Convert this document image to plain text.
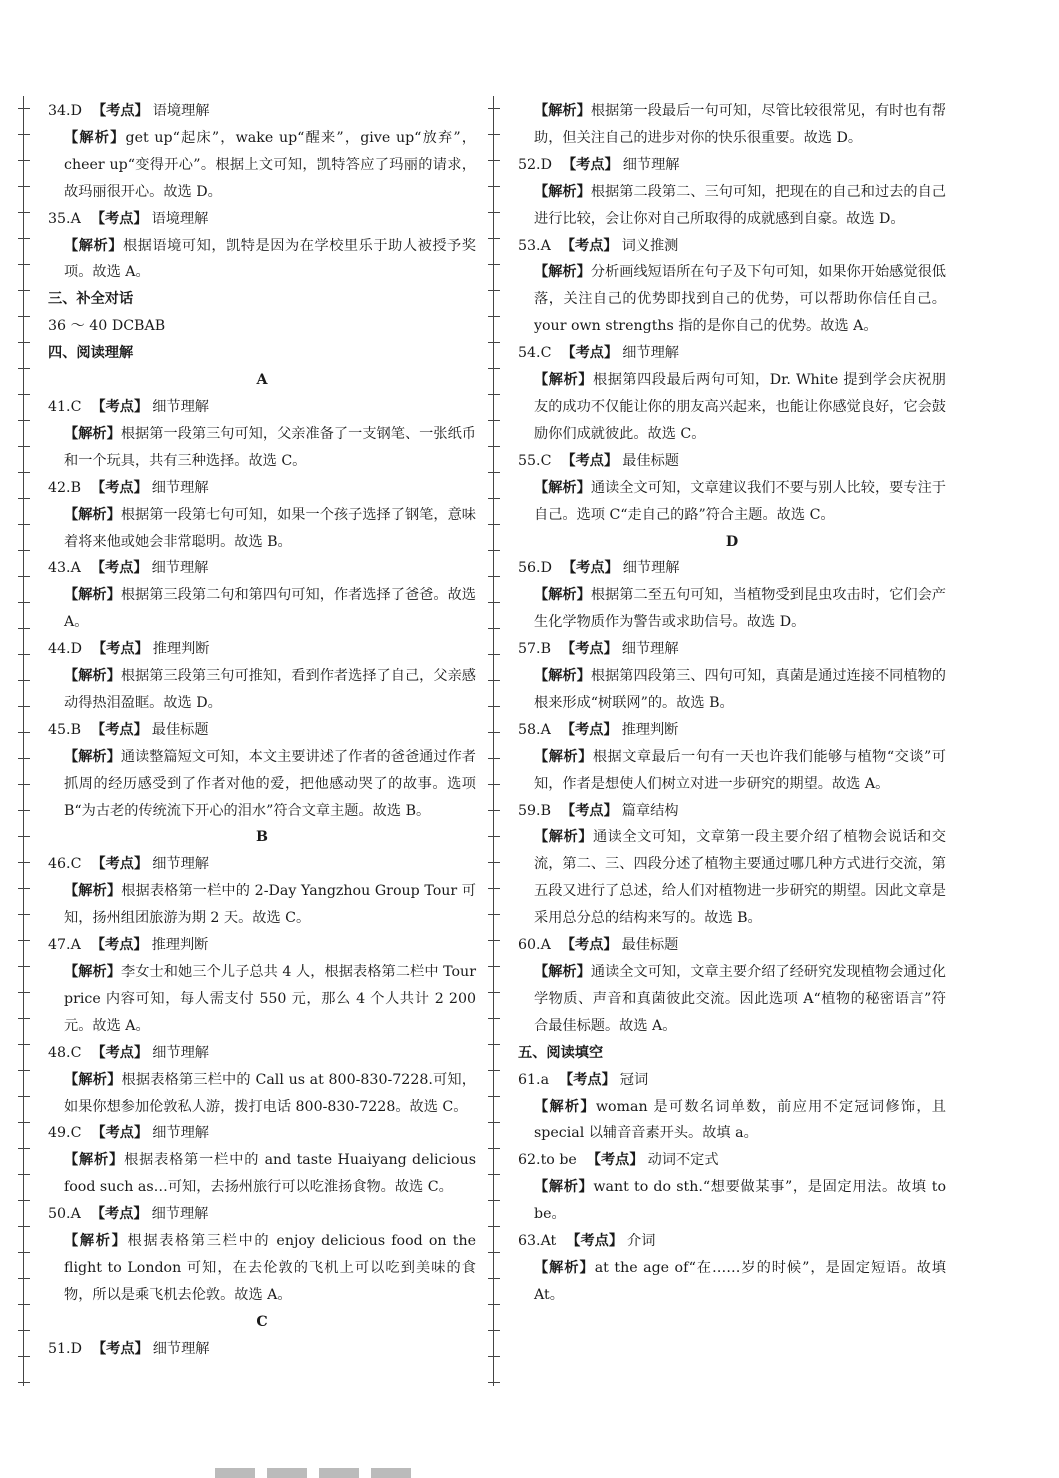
34.D 【考点】 语境理解
【解析】get up“起床”，wake up“醒来”，give up“放弃”，cheer up“变得开心”。根据上文可知，凯特答应了玛丽的请求，故玛丽很开心。故选 D。
35.A 【考点】 语境理解
【解析】根据语境可知，凯特是因为在学校里乐于助人被授予奖项。故选 A。
三、补全对话
36 ～ 40 DCBAB
四、阅读理解
A
41.C 【考点】 细节理解
【解析】根据第一段第三句可知，父亲准备了一支钢笔、一张纸币和一个玩具，共有三种选择。故选 C。
42.B 【考点】 细节理解
【解析】根据第一段第七句可知，如果一个孩子选择了钢笔，意味着将来他或她会非常聪明。故选 B。
43.A 【考点】 细节理解
【解析】根据第三段第二句和第四句可知，作者选择了爸爸。故选 A。
44.D 【考点】 推理判断
【解析】根据第三段第三句可推知，看到作者选择了自己，父亲感动得热泪盈眶。故选 D。
45.B 【考点】 最佳标题
【解析】通读整篇短文可知，本文主要讲述了作者的爸爸通过作者抓周的经历感受到了作者对他的爱，把他感动哭了的故事。选项 B“为古老的传统流下开心的泪水”符合文章主题。故选 B。
B
46.C 【考点】 细节理解
【解析】根据表格第一栏中的 2-Day Yangzhou Group Tour 可知，扬州组团旅游为期 2 天。故选 C。
47.A 【考点】 推理判断
【解析】李女士和她三个儿子总共 4 人，根据表格第二栏中 Tour price 内容可知，每人需支付 550 元，那么 4 个人共计 2 200元。故选 A。
48.C 【考点】 细节理解
【解析】根据表格第三栏中的 Call us at 800-830-7228.可知，如果你想参加伦敦私人游，拨打电话 800-830-7228。故选 C。
49.C 【考点】 细节理解
【解析】根据表格第一栏中的 and taste Huaiyang delicious food such as…可知，去扬州旅行可以吃淮扬食物。故选 C。
50.A 【考点】 细节理解
【解析】根据表格第三栏中的 enjoy delicious food on the flight to London 可知，在去伦敦的飞机上可以吃到美味的食物，所以是乘飞机去伦敦。故选 A。
C
51.D 【考点】 细节理解
【解析】根据第一段最后一句可知，尽管比较很常见，有时也有帮助，但关注自己的进步对你的快乐很重要。故选 D。
52.D 【考点】 细节理解
【解析】根据第二段第二、三句可知，把现在的自己和过去的自己进行比较，会让你对自己所取得的成就感到自豪。故选 D。
53.A 【考点】 词义推测
【解析】分析画线短语所在句子及下句可知，如果你开始感觉很低落，关注自己的优势即找到自己的优势，可以帮助你信任自己。your own strengths 指的是你自己的优势。故选 A。
54.C 【考点】 细节理解
【解析】根据第四段最后两句可知，Dr. White 提到学会庆祝朋友的成功不仅能让你的朋友高兴起来，也能让你感觉良好，它会鼓励你们成就彼此。故选 C。
55.C 【考点】 最佳标题
【解析】通读全文可知，文章建议我们不要与别人比较，要专注于自己。选项 C“走自己的路”符合主题。故选 C。
D
56.D 【考点】 细节理解
【解析】根据第二至五句可知，当植物受到昆虫攻击时，它们会产生化学物质作为警告或求助信号。故选 D。
57.B 【考点】 细节理解
【解析】根据第四段第三、四句可知，真菌是通过连接不同植物的根来形成“树联网”的。故选 B。
58.A 【考点】 推理判断
【解析】根据文章最后一句有一天也许我们能够与植物“交谈”可知，作者是想使人们树立对进一步研究的期望。故选 A。
59.B 【考点】 篇章结构
【解析】通读全文可知，文章第一段主要介绍了植物会说话和交流，第二、三、四段分述了植物主要通过哪几种方式进行交流，第五段又进行了总述，给人们对植物进一步研究的期望。因此文章是采用总分总的结构来写的。故选 B。
60.A 【考点】 最佳标题
【解析】通读全文可知，文章主要介绍了经研究发现植物会通过化学物质、声音和真菌彼此交流。因此选项 A“植物的秘密语言”符合最佳标题。故选 A。
五、阅读填空
61.a 【考点】 冠词
【解析】woman 是可数名词单数，前应用不定冠词修饰，且 special 以辅音音素开头。故填 a。
62.to be 【考点】 动词不定式
【解析】want to do sth.“想要做某事”，是固定用法。故填 to be。
63.At 【考点】 介词
【解析】at the age of“在……岁的时候”，是固定短语。故填 At。
